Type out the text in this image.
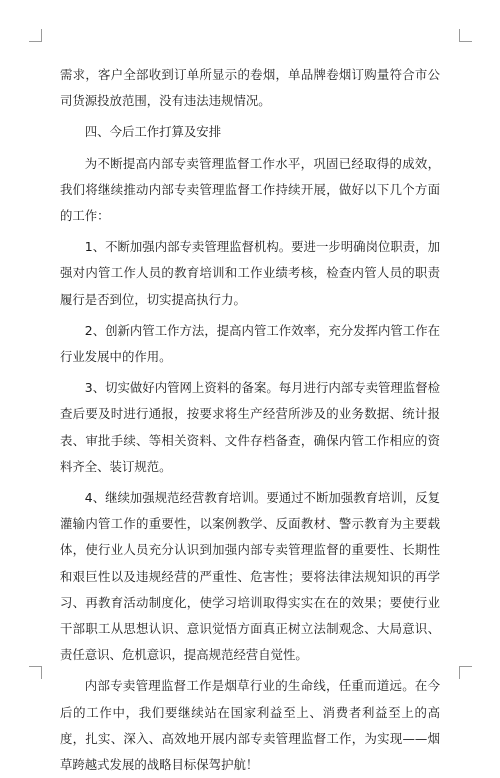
需求，客户全部收到订单所显示的卷烟，单品牌卷烟订购量符合市公司货源投放范围，没有违法违规情况。

四、今后工作打算及安排

为不断提高内部专卖管理监督工作水平，巩固已经取得的成效，我们将继续推动内部专卖管理监督工作持续开展，做好以下几个方面的工作：

1、不断加强内部专卖管理监督机构。要进一步明确岗位职责，加强对内管工作人员的教育培训和工作业绩考核，检查内管人员的职责履行是否到位，切实提高执行力。

2、创新内管工作方法，提高内管工作效率，充分发挥内管工作在行业发展中的作用。

3、切实做好内管网上资料的备案。每月进行内部专卖管理监督检查后要及时进行通报，按要求将生产经营所涉及的业务数据、统计报表、审批手续、等相关资料、文件存档备查，确保内管工作相应的资料齐全、装订规范。

4、继续加强规范经营教育培训。要通过不断加强教育培训，反复灌输内管工作的重要性，以案例教学、反面教材、警示教育为主要载体，使行业人员充分认识到加强内部专卖管理监督的重要性、长期性和艰巨性以及违规经营的严重性、危害性；要将法律法规知识的再学习、再教育活动制度化，使学习培训取得实实在在的效果；要使行业干部职工从思想认识、意识觉悟方面真正树立法制观念、大局意识、责任意识、危机意识，提高规范经营自觉性。

内部专卖管理监督工作是烟草行业的生命线，任重而道远。在今后的工作中，我们要继续站在国家利益至上、消费者利益至上的高度，扎实、深入、高效地开展内部专卖管理监督工作，为实现——烟草跨越式发展的战略目标保驾护航！
